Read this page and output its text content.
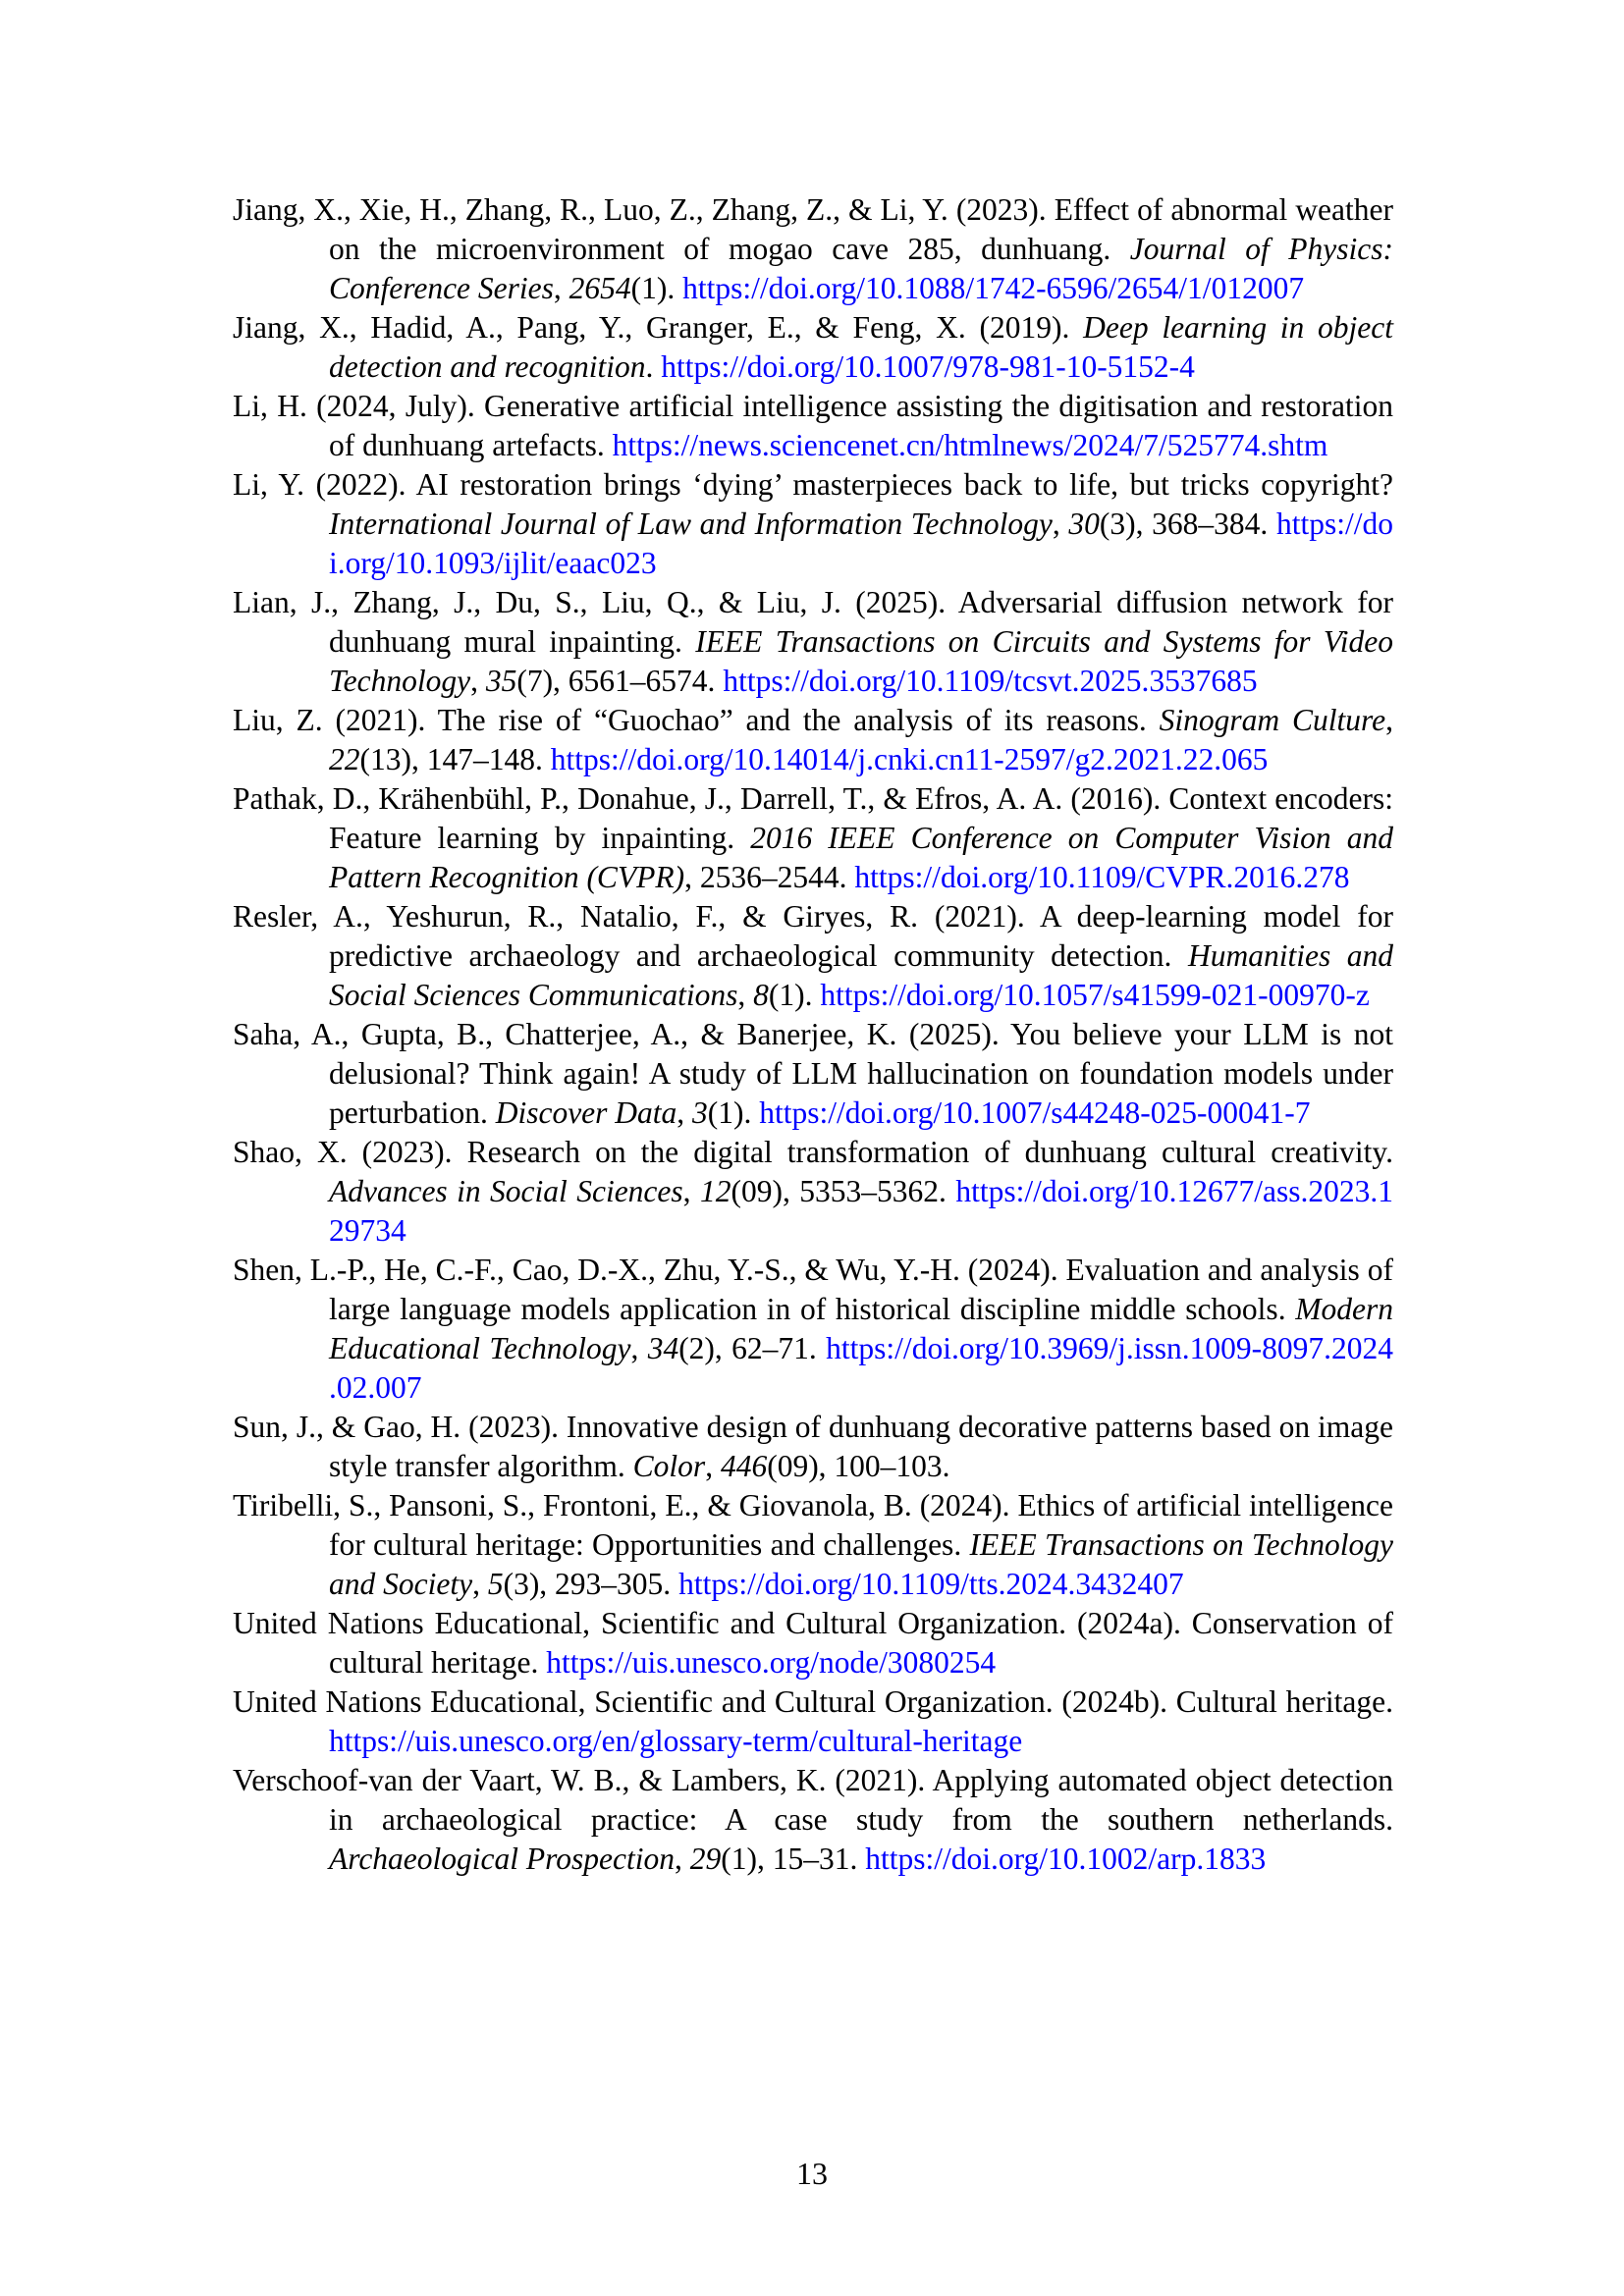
Jiang, X., Xie, H., Zhang, R., Luo, Z., Zhang, Z., & Li, Y. (2023). Effect of abnormal weather on the microenvironment of mogao cave 285, dunhuang. Journal of Physics: Conference Series, 2654(1). https://doi.org/10.1088/1742-6596/2654/1/012007

Jiang, X., Hadid, A., Pang, Y., Granger, E., & Feng, X. (2019). Deep learning in object detection and recognition. https://doi.org/10.1007/978-981-10-5152-4

Li, H. (2024, July). Generative artificial intelligence assisting the digitisation and restoration of dunhuang artefacts. https://news.sciencenet.cn/htmlnews/2024/7/525774.shtm

Li, Y. (2022). AI restoration brings ‘dying’ masterpieces back to life, but tricks copyright? International Journal of Law and Information Technology, 30(3), 368–384. https://doi.org/10.1093/ijlit/eaac023

Lian, J., Zhang, J., Du, S., Liu, Q., & Liu, J. (2025). Adversarial diffusion network for dunhuang mural inpainting. IEEE Transactions on Circuits and Systems for Video Technology, 35(7), 6561–6574. https://doi.org/10.1109/tcsvt.2025.3537685

Liu, Z. (2021). The rise of “Guochao” and the analysis of its reasons. Sinogram Culture, 22(13), 147–148. https://doi.org/10.14014/j.cnki.cn11-2597/g2.2021.22.065

Pathak, D., Krähenbühl, P., Donahue, J., Darrell, T., & Efros, A. A. (2016). Context encoders: Feature learning by inpainting. 2016 IEEE Conference on Computer Vision and Pattern Recognition (CVPR), 2536–2544. https://doi.org/10.1109/CVPR.2016.278

Resler, A., Yeshurun, R., Natalio, F., & Giryes, R. (2021). A deep-learning model for predictive archaeology and archaeological community detection. Humanities and Social Sciences Communications, 8(1). https://doi.org/10.1057/s41599-021-00970-z

Saha, A., Gupta, B., Chatterjee, A., & Banerjee, K. (2025). You believe your LLM is not delusional? Think again! A study of LLM hallucination on foundation models under perturbation. Discover Data, 3(1). https://doi.org/10.1007/s44248-025-00041-7

Shao, X. (2023). Research on the digital transformation of dunhuang cultural creativity. Advances in Social Sciences, 12(09), 5353–5362. https://doi.org/10.12677/ass.2023.129734

Shen, L.-P., He, C.-F., Cao, D.-X., Zhu, Y.-S., & Wu, Y.-H. (2024). Evaluation and analysis of large language models application in of historical discipline middle schools. Modern Educational Technology, 34(2), 62–71. https://doi.org/10.3969/j.issn.1009-8097.2024.02.007

Sun, J., & Gao, H. (2023). Innovative design of dunhuang decorative patterns based on image style transfer algorithm. Color, 446(09), 100–103.

Tiribelli, S., Pansoni, S., Frontoni, E., & Giovanola, B. (2024). Ethics of artificial intelligence for cultural heritage: Opportunities and challenges. IEEE Transactions on Technology and Society, 5(3), 293–305. https://doi.org/10.1109/tts.2024.3432407

United Nations Educational, Scientific and Cultural Organization. (2024a). Conservation of cultural heritage. https://uis.unesco.org/node/3080254

United Nations Educational, Scientific and Cultural Organization. (2024b). Cultural heritage. https://uis.unesco.org/en/glossary-term/cultural-heritage

Verschoof-van der Vaart, W. B., & Lambers, K. (2021). Applying automated object detection in archaeological practice: A case study from the southern netherlands. Archaeological Prospection, 29(1), 15–31. https://doi.org/10.1002/arp.1833

13
